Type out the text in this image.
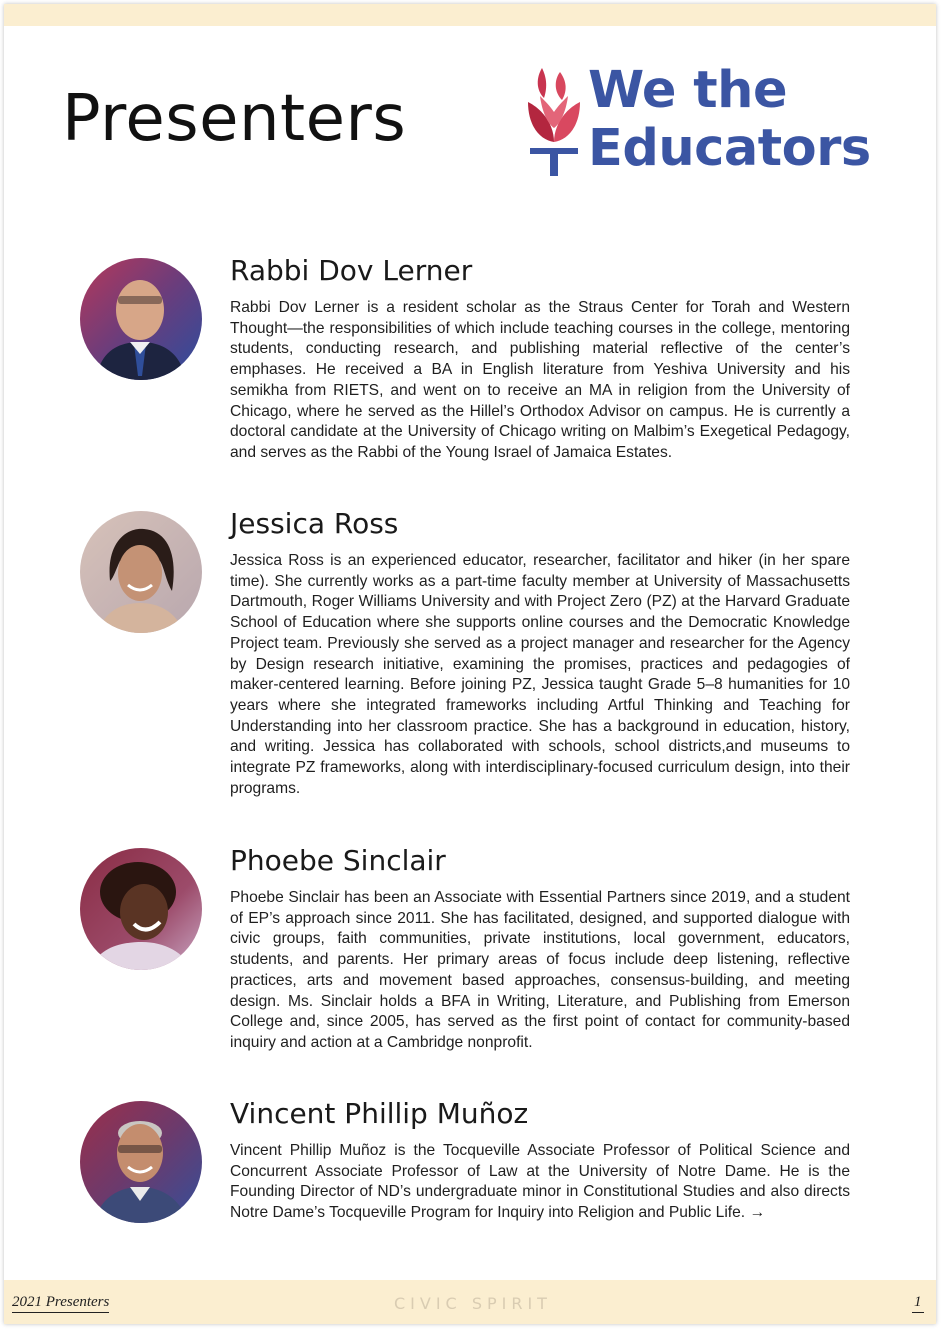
Presenters	We the
Educators
Rabbi Dov Lerner

Rabbi Dov Lerner is a resident scholar as the Straus Center for Torah and Western Thought—the responsibilities of which include teaching courses in the college, mentoring students, conducting research, and publishing material reflective of the center’s emphases. He received a BA in English literature from Yeshiva University and his semikha from RIETS, and went on to receive an MA in religion from the University of Chicago, where he served as the Hillel’s Orthodox Advisor on campus. He is currently a doctoral candidate at the University of Chicago writing on Malbim’s Exegetical Pedagogy, and serves as the Rabbi of the Young Israel of Jamaica Estates.

Jessica Ross

Jessica Ross is an experienced educator, researcher, facilitator and hiker (in her spare time). She currently works as a part-time faculty member at University of Massachusetts Dartmouth, Roger Williams University and with Project Zero (PZ) at the Harvard Graduate School of Education where she supports online courses and the Democratic Knowledge Project team. Previously she served as a project manager and researcher for the Agency by Design research initiative, examining the promises, practices and pedagogies of maker-centered learning. Before joining PZ, Jessica taught Grade 5–8 humanities for 10 years where she integrated frameworks including Artful Thinking and Teaching for Understanding into her classroom practice. She has a background in education, history, and writing. Jessica has collaborated with schools, school districts,and museums to integrate PZ frameworks, along with interdisciplinary-focused curriculum design, into their programs.

Phoebe Sinclair

Phoebe Sinclair has been an Associate with Essential Partners since 2019, and a student of EP’s approach since 2011. She has facilitated, designed, and supported dialogue with civic groups, faith communities, private institutions, local government, educators, students, and parents. Her primary areas of focus include deep listening, reflective practices, arts and movement based approaches, consensus-building, and meeting design. Ms. Sinclair holds a BFA in Writing, Literature, and Publishing from Emerson College and, since 2005, has served as the first point of contact for community-based inquiry and action at a Cambridge nonprofit.

Vincent Phillip Muñoz

Vincent Phillip Muñoz is the Tocqueville Associate Professor of Political Science and Concurrent Associate Professor of Law at the University of Notre Dame. He is the Founding Director of ND’s undergraduate minor in Constitutional Studies and also directs Notre Dame’s Tocqueville Program for Inquiry into Religion and Public Life. →

2021 Presenters	CIVIC SPIRIT	1
